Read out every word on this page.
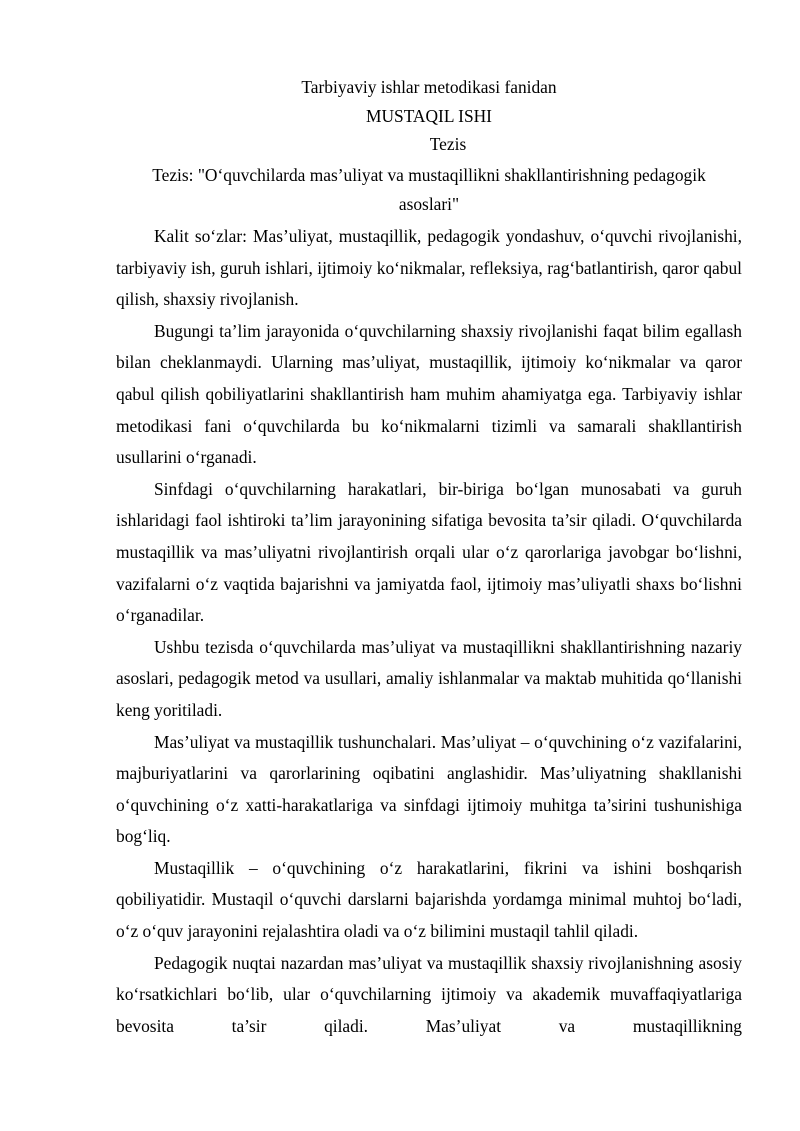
Tarbiyaviy ishlar metodikasi fanidan

MUSTAQIL ISHI

Tezis

Tezis: "O‘quvchilarda mas’uliyat va mustaqillikni shakllantirishning pedagogik asoslari"

Kalit so‘zlar: Mas’uliyat, mustaqillik, pedagogik yondashuv, o‘quvchi rivojlanishi, tarbiyaviy ish, guruh ishlari, ijtimoiy ko‘nikmalar, refleksiya, rag‘batlantirish, qaror qabul qilish, shaxsiy rivojlanish.

Bugungi ta’lim jarayonida o‘quvchilarning shaxsiy rivojlanishi faqat bilim egallash bilan cheklanmaydi. Ularning mas’uliyat, mustaqillik, ijtimoiy ko‘nikmalar va qaror qabul qilish qobiliyatlarini shakllantirish ham muhim ahamiyatga ega. Tarbiyaviy ishlar metodikasi fani o‘quvchilarda bu ko‘nikmalarni tizimli va samarali shakllantirish usullarini o‘rganadi.

Sinfdagi o‘quvchilarning harakatlari, bir-biriga bo‘lgan munosabati va guruh ishlaridagi faol ishtiroki ta’lim jarayonining sifatiga bevosita ta’sir qiladi. O‘quvchilarda mustaqillik va mas’uliyatni rivojlantirish orqali ular o‘z qarorlariga javobgar bo‘lishni, vazifalarni o‘z vaqtida bajarishni va jamiyatda faol, ijtimoiy mas’uliyatli shaxs bo‘lishni o‘rganadilar.

Ushbu tezisda o‘quvchilarda mas’uliyat va mustaqillikni shakllantirishning nazariy asoslari, pedagogik metod va usullari, amaliy ishlanmalar va maktab muhitida qo‘llanishi keng yoritiladi.

Mas’uliyat va mustaqillik tushunchalari. Mas’uliyat – o‘quvchining o‘z vazifalarini, majburiyatlarini va qarorlarining oqibatini anglashidir. Mas’uliyatning shakllanishi o‘quvchining o‘z xatti-harakatlariga va sinfdagi ijtimoiy muhitga ta’sirini tushunishiga bog‘liq.

Mustaqillik – o‘quvchining o‘z harakatlarini, fikrini va ishini boshqarish qobiliyatidir. Mustaqil o‘quvchi darslarni bajarishda yordamga minimal muhtoj bo‘ladi, o‘z o‘quv jarayonini rejalashtira oladi va o‘z bilimini mustaqil tahlil qiladi.

Pedagogik nuqtai nazardan mas’uliyat va mustaqillik shaxsiy rivojlanishning asosiy ko‘rsatkichlari bo‘lib, ular o‘quvchilarning ijtimoiy va akademik muvaffaqiyatlariga bevosita ta’sir qiladi. Mas’uliyat va mustaqillikning
